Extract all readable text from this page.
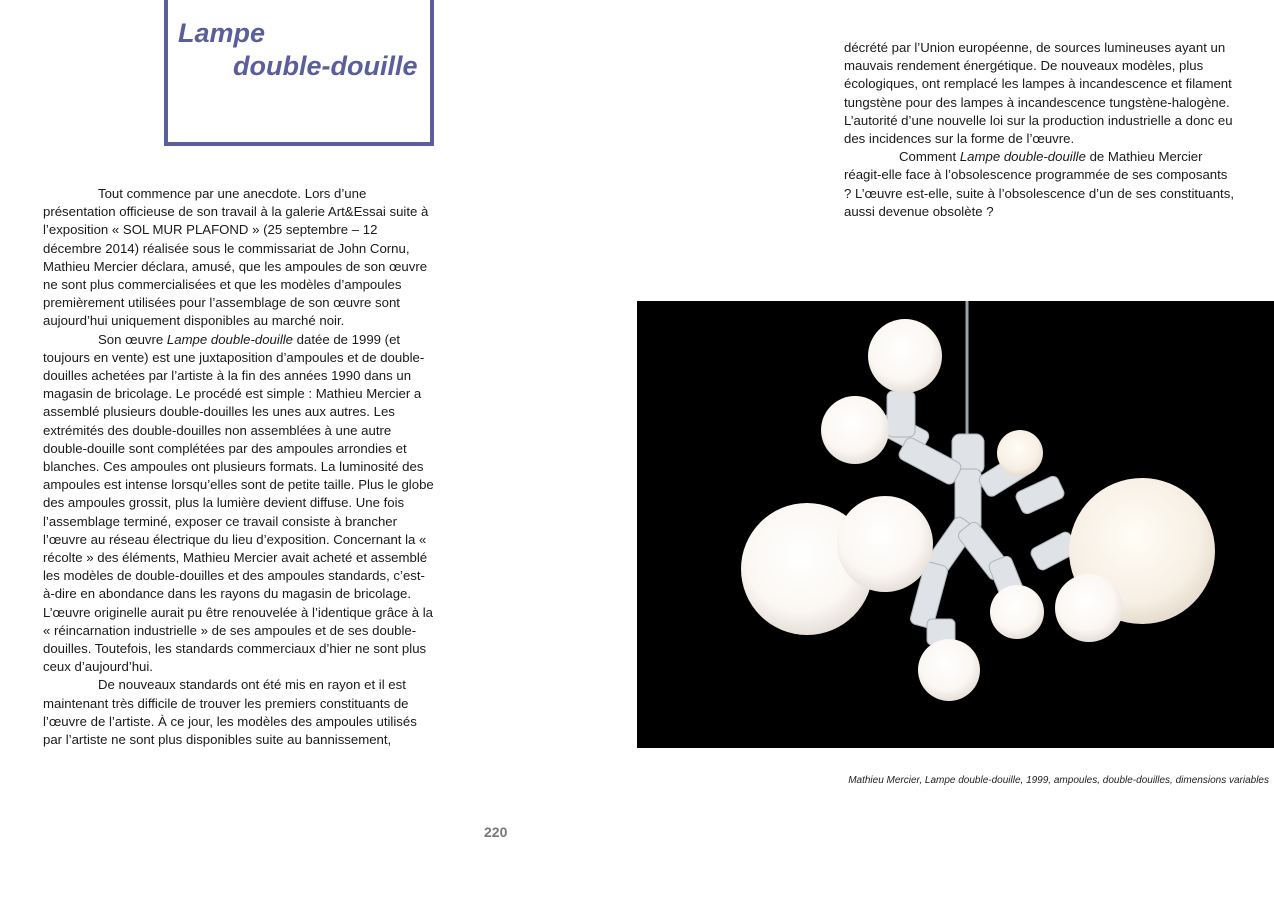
Lampe
double-douille

Tout commence par une anecdote. Lors d’une présentation officieuse de son travail à la galerie Art&Essai suite à l’exposition « SOL MUR PLAFOND » (25 septembre – 12 décembre 2014) réalisée sous le commissariat de John Cornu, Mathieu Mercier déclara, amusé, que les ampoules de son œuvre ne sont plus commercialisées et que les modèles d’ampoules premièrement utilisées pour l’assemblage de son œuvre sont aujourd’hui uniquement disponibles au marché noir.

Son œuvre Lampe double-douille datée de 1999 (et toujours en vente) est une juxtaposition d’ampoules et de double-douilles achetées par l’artiste à la fin des années 1990 dans un magasin de bricolage. Le procédé est simple : Mathieu Mercier a assemblé plusieurs double-douilles les unes aux autres. Les extrémités des double-douilles non assemblées à une autre double-douille sont complétées par des ampoules arrondies et blanches. Ces ampoules ont plusieurs formats. La luminosité des ampoules est intense lorsqu’elles sont de petite taille. Plus le globe des ampoules grossit, plus la lumière devient diffuse. Une fois l’assemblage terminé, exposer ce travail consiste à brancher l’œuvre au réseau électrique du lieu d’exposition. Concernant la « récolte » des éléments, Mathieu Mercier avait acheté et assemblé les modèles de double-douilles et des ampoules standards, c’est-à-dire en abondance dans les rayons du magasin de bricolage. L’œuvre originelle aurait pu être renouvelée à l’identique grâce à la « réincarnation industrielle » de ses ampoules et de ses double-douilles. Toutefois, les standards commerciaux d’hier ne sont plus ceux d’aujourd’hui.

De nouveaux standards ont été mis en rayon et il est maintenant très difficile de trouver les premiers constituants de l’œuvre de l’artiste. À ce jour, les modèles des ampoules utilisés par l’artiste ne sont plus disponibles suite au bannissement,

décrété par l’Union européenne, de sources lumineuses ayant un mauvais rendement énergétique. De nouveaux modèles, plus écologiques, ont remplacé les lampes à incandescence et filament tungstène pour des lampes à incandescence tungstène-halogène. L’autorité d’une nouvelle loi sur la production industrielle a donc eu des incidences sur la forme de l’œuvre.

Comment Lampe double-douille de Mathieu Mercier réagit-elle face à l’obsolescence programmée de ses composants ? L’œuvre est-elle, suite à l’obsolescence d’un de ses constituants, aussi devenue obsolète ?

Mathieu Mercier, Lampe double-douille, 1999, ampoules, double-douilles, dimensions variables
220
